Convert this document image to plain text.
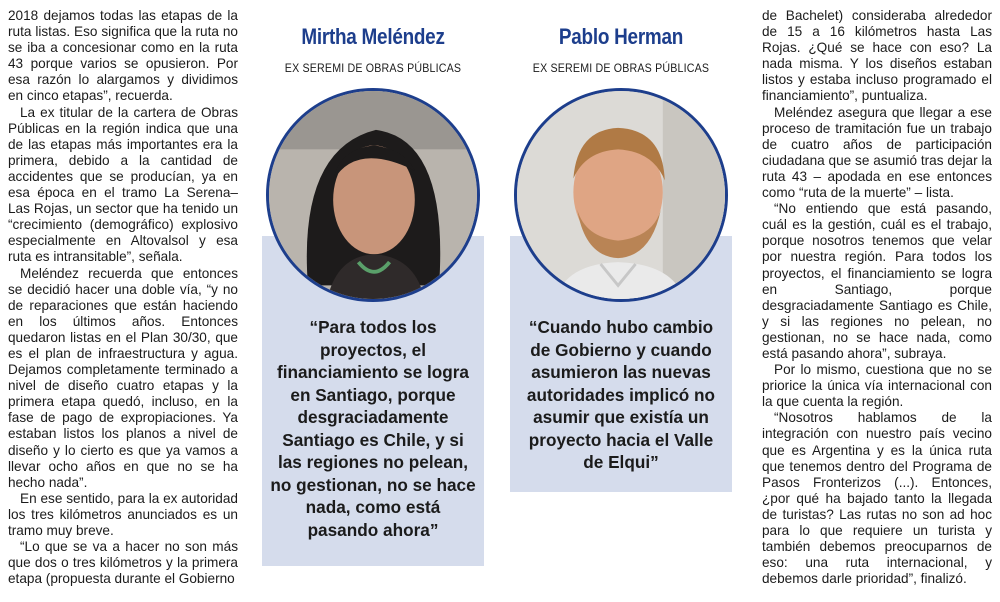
2018 dejamos todas las etapas de la ruta listas. Eso significa que la ruta no se iba a concesionar como en la ruta 43 porque varios se opusieron. Por esa razón lo alargamos y dividimos en cinco etapas”, recuerda.

La ex titular de la cartera de Obras Públicas en la región indica que una de las etapas más importantes era la primera, debido a la cantidad de accidentes que se producían, ya en esa época en el tramo La Serena– Las Rojas, un sector que ha tenido un “crecimiento (demográfico) explosivo especialmente en Altovalsol y esa ruta es intransitable”, señala.

Meléndez recuerda que entonces se decidió hacer una doble vía, “y no de reparaciones que están haciendo en los últimos años. Entonces quedaron listas en el Plan 30/30, que es el plan de infraestructura y agua. Dejamos completamente terminado a nivel de diseño cuatro etapas y la primera etapa quedó, incluso, en la fase de pago de expropiaciones. Ya estaban listos los planos a nivel de diseño y lo cierto es que ya vamos a llevar ocho años en que no se ha hecho nada”.

En ese sentido, para la ex autoridad los tres kilómetros anunciados es un tramo muy breve.

“Lo que se va a hacer no son más que dos o tres kilómetros y la primera etapa (propuesta durante el Gobierno

Mirtha Meléndez
EX SEREMI DE OBRAS PÚBLICAS
“Para todos los proyectos, el financiamiento se logra en Santiago, porque desgraciadamente Santiago es Chile, y si las regiones no pelean, no gestionan, no se hace nada, como está pasando ahora”
Pablo Herman
EX SEREMI DE OBRAS PÚBLICAS
“Cuando hubo cambio de Gobierno y cuando asumieron las nuevas autoridades implicó no asumir que existía un proyecto hacia el Valle de Elqui”

de Bachelet) consideraba alrededor de 15 a 16 kilómetros hasta Las Rojas. ¿Qué se hace con eso? La nada misma. Y los diseños estaban listos y estaba incluso programado el financiamiento”, puntualiza.

Meléndez asegura que llegar a ese proceso de tramitación fue un trabajo de cuatro años de participación ciudadana que se asumió tras dejar la ruta 43 – apodada en ese entonces como “ruta de la muerte” – lista.

“No entiendo que está pasando, cuál es la gestión, cuál es el trabajo, porque nosotros tenemos que velar por nuestra región. Para todos los proyectos, el financiamiento se logra en Santiago, porque desgraciadamente Santiago es Chile, y si las regiones no pelean, no gestionan, no se hace nada, como está pasando ahora”, subraya.

Por lo mismo, cuestiona que no se priorice la única vía internacional con la que cuenta la región.

“Nosotros hablamos de la integración con nuestro país vecino que es Argentina y es la única ruta que tenemos dentro del Programa de Pasos Fronterizos (...). Entonces, ¿por qué ha bajado tanto la llegada de turistas? Las rutas no son ad hoc para lo que requiere un turista y también debemos preocuparnos de eso: una ruta internacional, y debemos darle prioridad”, finalizó.
